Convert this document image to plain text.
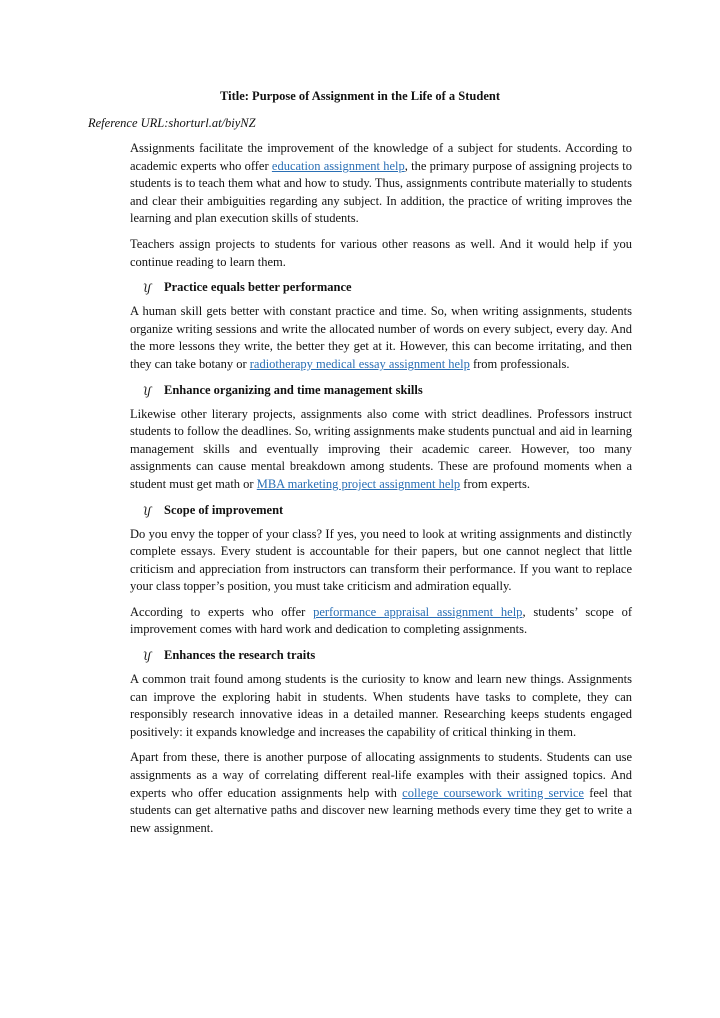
Title: Purpose of Assignment in the Life of a Student
Reference URL:shorturl.at/biyNZ

Assignments facilitate the improvement of the knowledge of a subject for students. According to academic experts who offer education assignment help, the primary purpose of assigning projects to students is to teach them what and how to study. Thus, assignments contribute materially to students and clear their ambiguities regarding any subject. In addition, the practice of writing improves the learning and plan execution skills of students.

Teachers assign projects to students for various other reasons as well. And it would help if you continue reading to learn them.

ʅʃ	Practice equals better performance

A human skill gets better with constant practice and time. So, when writing assignments, students organize writing sessions and write the allocated number of words on every subject, every day. And the more lessons they write, the better they get at it. However, this can become irritating, and then they can take botany or radiotherapy medical essay assignment help from professionals.

ʅʃ	Enhance organizing and time management skills

Likewise other literary projects, assignments also come with strict deadlines. Professors instruct students to follow the deadlines. So, writing assignments make students punctual and aid in learning management skills and eventually improving their academic career. However, too many assignments can cause mental breakdown among students. These are profound moments when a student must get math or MBA marketing project assignment help from experts.

ʅʃ	Scope of improvement

Do you envy the topper of your class? If yes, you need to look at writing assignments and distinctly complete essays. Every student is accountable for their papers, but one cannot neglect that little criticism and appreciation from instructors can transform their performance. If you want to replace your class topper’s position, you must take criticism and admiration equally.

According to experts who offer performance appraisal assignment help, students’ scope of improvement comes with hard work and dedication to completing assignments.

ʅʃ	Enhances the research traits

A common trait found among students is the curiosity to know and learn new things. Assignments can improve the exploring habit in students. When students have tasks to complete, they can responsibly research innovative ideas in a detailed manner. Researching keeps students engaged positively: it expands knowledge and increases the capability of critical thinking in them.

Apart from these, there is another purpose of allocating assignments to students. Students can use assignments as a way of correlating different real-life examples with their assigned topics. And experts who offer education assignments help with college coursework writing service feel that students can get alternative paths and discover new learning methods every time they get to write a new assignment.
